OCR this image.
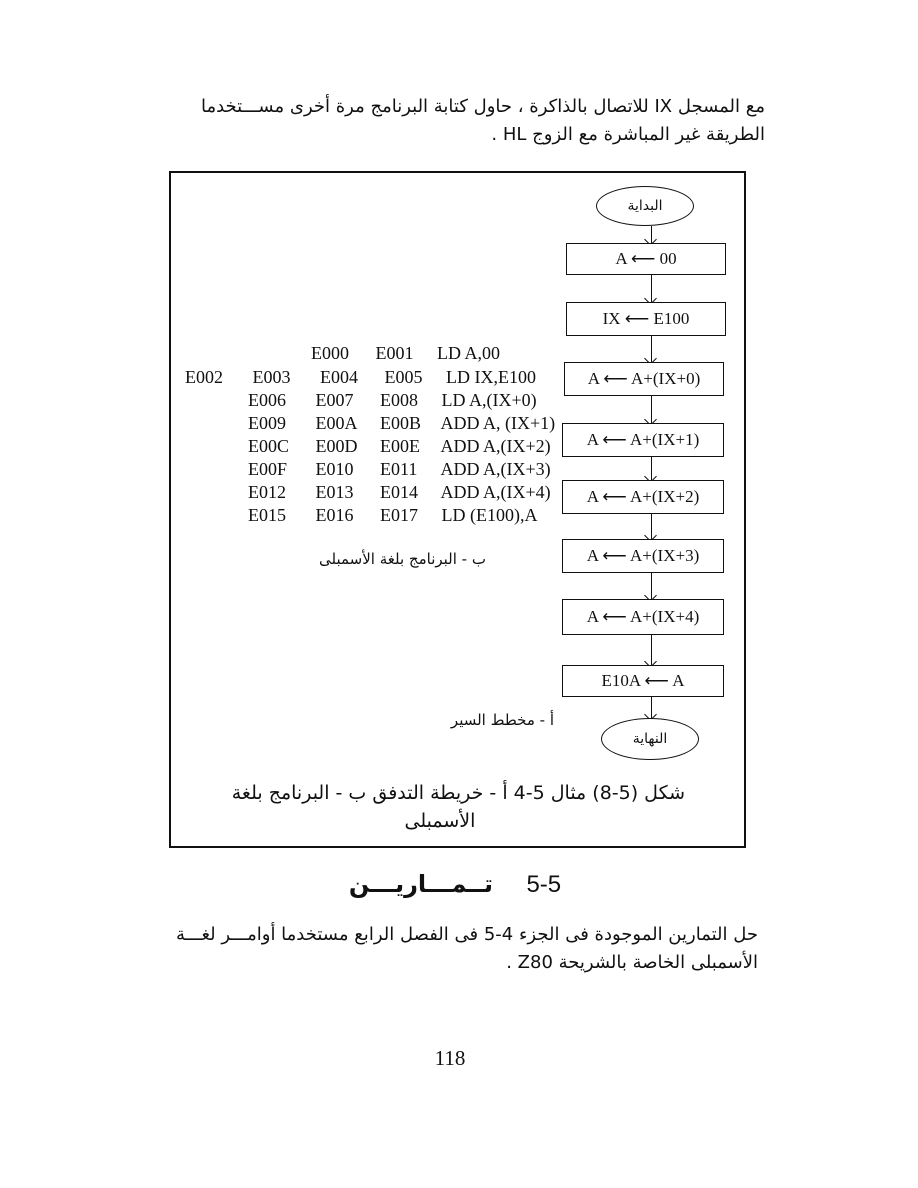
مع المسجل IX للاتصال بالذاكرة ، حاول كتابة البرنامج مرة أخرى مســـتخدما
الطريقة غير المباشرة مع الزوج HL .
E000 E001 LD A,00
E002 E003 E004 E005 LD IX,E100
E006 E007 E008 LD A,(IX+0)
E009 E00A E00B ADD A, (IX+1)
E00C E00D E00E ADD A,(IX+2)
E00F E010 E011 ADD A,(IX+3)
E012 E013 E014 ADD A,(IX+4)
E015 E016 E017 LD (E100),A
ب - البرنامج بلغة الأسمبلى
أ - مخطط السير
البداية
A ⟵ 00
IX ⟵ E100
A ⟵ A+(IX+0)
A ⟵ A+(IX+1)
A ⟵ A+(IX+2)
A ⟵ A+(IX+3)
A ⟵ A+(IX+4)
E10A ⟵ A
النهاية
شكل (5-8) مثال 5-4 أ - خريطة التدفق ب - البرنامج بلغة
الأسمبلى
5-5    تــمـــاريـــن
حل التمارين الموجودة فى الجزء 4-5 فى الفصل الرابع مستخدما أوامـــر لغـــة
الأسمبلى الخاصة بالشريحة Z80 .
118
